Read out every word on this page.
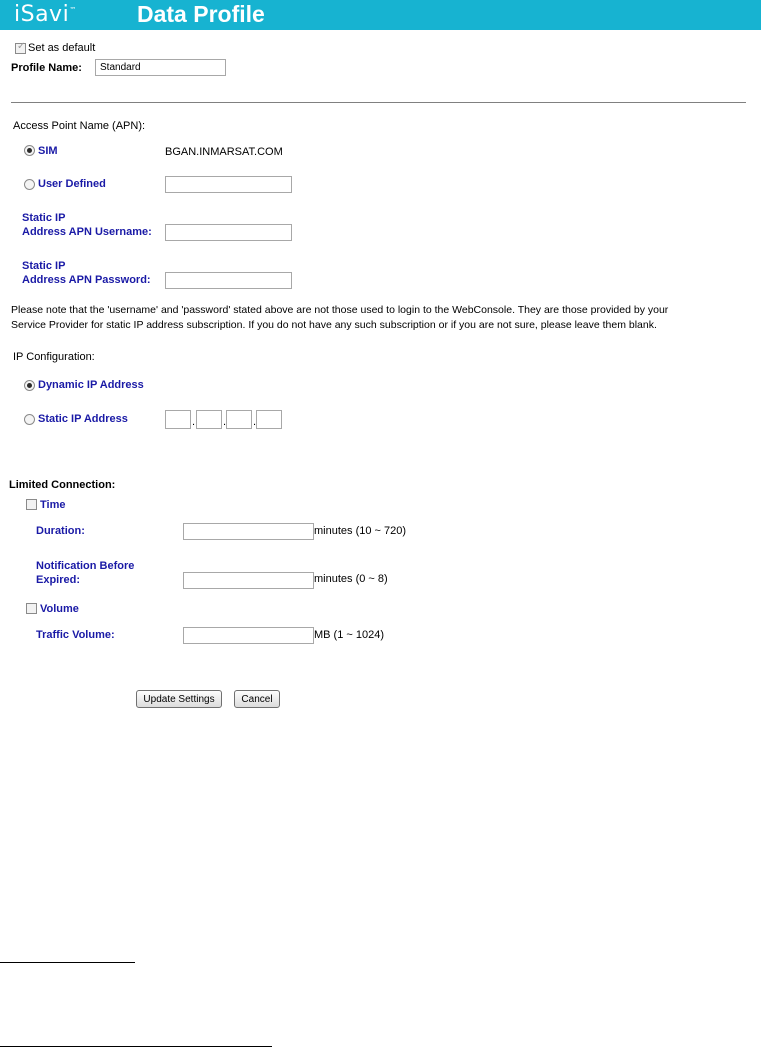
iSavi™	Data Profile
✓
Set as default
Profile Name:
Standard
Access Point Name (APN):
SIM	BGAN.INMARSAT.COM
User Defined
Static IP
Address APN Username:
Static IP
Address APN Password:
Please note that the 'username' and 'password' stated above are not those used to login to the WebConsole. They are those provided by your
Service Provider for static IP address subscription. If you do not have any such subscription or if you are not sure, please leave them blank.
IP Configuration:
Dynamic IP Address
Static IP Address	.	. .
Limited Connection:
Time
Duration:	minutes (10 ~ 720)
Notification Before
Expired:	minutes (0 ~ 8)
Volume
Traffic Volume:	MB (1 ~ 1024)
Update Settings	Cancel
